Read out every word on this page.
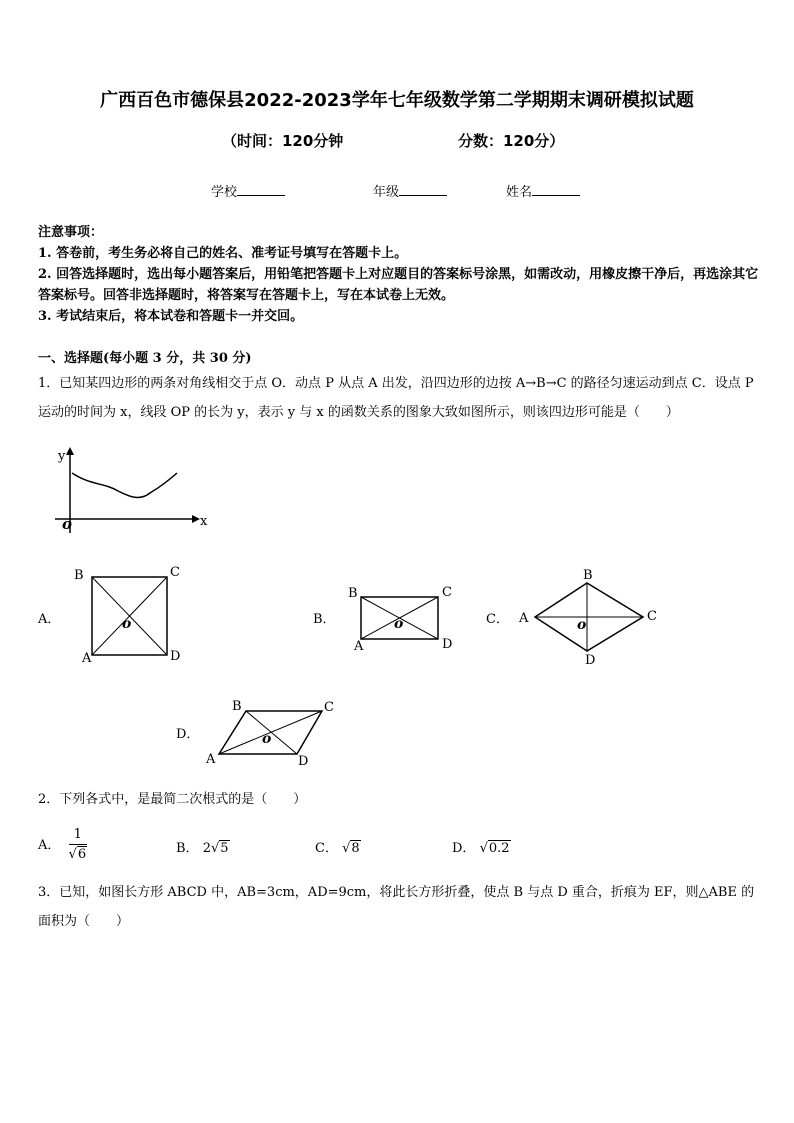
广西百色市德保县2022-2023学年七年级数学第二学期期末调研模拟试题
（时间：120分钟	分数：120分）
学校	年级	姓名
注意事项：
1. 答卷前，考生务必将自己的姓名、准考证号填写在答题卡上。
2. 回答选择题时，选出每小题答案后，用铅笔把答题卡上对应题目的答案标号涂黑，如需改动，用橡皮擦干净后，再选涂其它答案标号。回答非选择题时，将答案写在答题卡上，写在本试卷上无效。
3. 考试结束后，将本试卷和答题卡一并交回。
一、选择题(每小题 3 分，共 30 分)
1．已知某四边形的两条对角线相交于点 O．动点 P 从点 A 出发，沿四边形的边按 A→B→C 的路径匀速运动到点 C．设点 P 运动的时间为 x，线段 OP 的长为 y，表示 y 与 x 的函数关系的图象大致如图所示，则该四边形可能是（　　）
y
x
o
A．
B	C
A	D
o	B．
B	C
A	D
o	C． A
B
C
D
o
D．
B	C
A	D
o
2．下列各式中，是最简二次根式的是（　　）
A． $\frac{1}{√6}$	B． 2√5	C． √8	D． √0.2
3．已知，如图长方形 ABCD 中，AB=3cm，AD=9cm，将此长方形折叠，使点 B 与点 D 重合，折痕为 EF，则△ABE 的面积为（　　）
